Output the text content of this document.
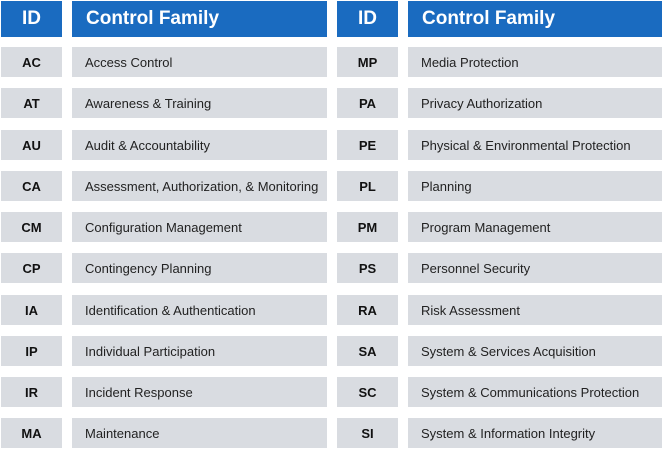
ID	Control Family	ID	Control Family
AC	Access Control
AT	Awareness & Training
AU	Audit & Accountability
CA	Assessment, Authorization, & Monitoring
CM	Configuration Management
CP	Contingency Planning
IA	Identification & Authentication
IP	Individual Participation
IR	Incident Response
MA	Maintenance
MP	Media Protection
PA	Privacy Authorization
PE	Physical & Environmental Protection
PL	Planning
PM	Program Management
PS	Personnel Security
RA	Risk Assessment
SA	System & Services Acquisition
SC	System & Communications Protection
SI	System & Information Integrity
